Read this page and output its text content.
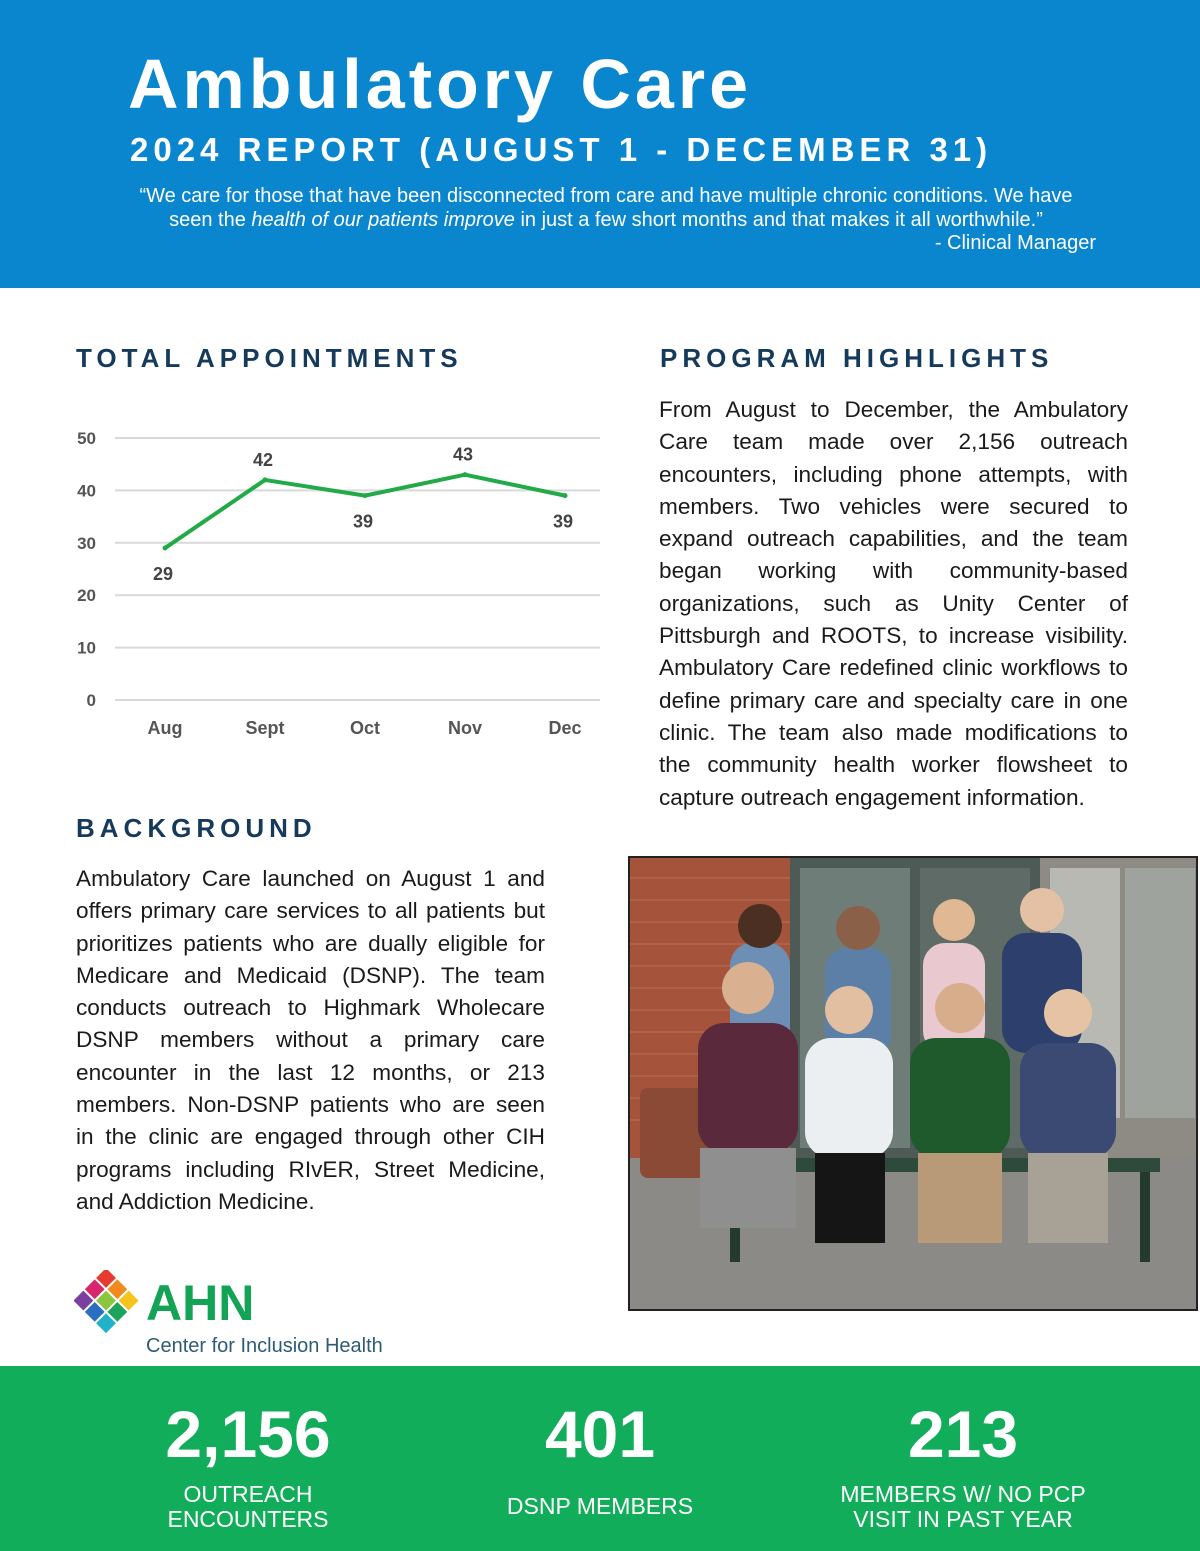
Ambulatory Care
2024 REPORT (AUGUST 1 - DECEMBER 31)
“We care for those that have been disconnected from care and have multiple chronic conditions. We have seen the health of our patients improve in just a few short months and that makes it all worthwhile.”
- Clinical Manager
TOTAL APPOINTMENTS
0
10
20
30
40
50
Aug	Sept	Oct	Nov	Dec
29
42
39
43
39
PROGRAM HIGHLIGHTS
From August to December, the Ambulatory Care team made over 2,156 outreach encounters, including phone attempts, with members. Two vehicles were secured to expand outreach capabilities, and the team began working with community-based organizations, such as Unity Center of Pittsburgh and ROOTS, to increase visibility. Ambulatory Care redefined clinic workflows to define primary care and specialty care in one clinic. The team also made modifications to the community health worker flowsheet to capture outreach engagement information.
BACKGROUND
Ambulatory Care launched on August 1 and offers primary care services to all patients but prioritizes patients who are dually eligible for Medicare and Medicaid (DSNP). The team conducts outreach to Highmark Wholecare DSNP members without a primary care encounter in the last 12 months, or 213 members. Non-DSNP patients who are seen in the clinic are engaged through other CIH programs including RIvER, Street Medicine, and Addiction Medicine.
AHN
Center for Inclusion Health
2,156
OUTREACH
ENCOUNTERS
401
DSNP MEMBERS
213
MEMBERS W/ NO PCP
VISIT IN PAST YEAR
